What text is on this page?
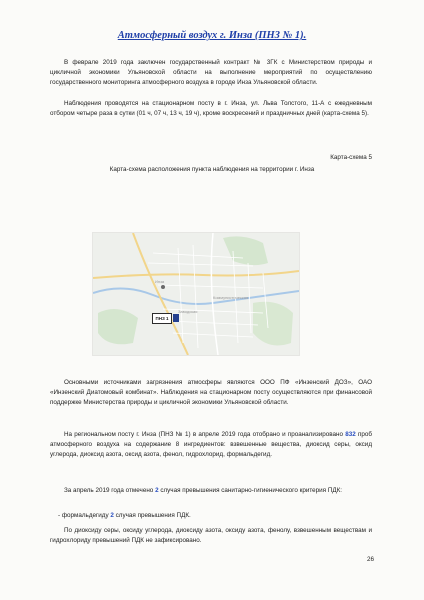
Атмосферный воздух г. Инза (ПНЗ № 1).
В феврале 2019 года заключен государственный контракт № 3ГК с Министерством природы и цикличной экономики Ульяновской области на выполнение мероприятий по осуществлению государственного мониторинга атмосферного воздуха в городе Инза Ульяновской области.
Наблюдения проводятся на стационарном посту в г. Инза, ул. Льва Толстого, 11-А с ежедневным отбором четыре раза в сутки (01 ч, 07 ч, 13 ч, 19 ч), кроме воскресений и праздничных дней (карта-схема 5).
Карта-схема 5
Карта-схема расположения пункта наблюдения на территории г. Инза
Инза
Коммунистическая
Заводская
ПНЗ 1
Основными источниками загрязнения атмосферы являются ООО ПФ «Инзенский ДОЗ», ОАО «Инзенский Диатомовый комбинат». Наблюдения на стационарном посту осуществляются при финансовой поддержке Министерства природы и цикличной экономики Ульяновской области.
На региональном посту г. Инза (ПНЗ № 1) в апреле 2019 года отобрано и проанализировано 832 проб атмосферного воздуха на содержание 8 ингредиентов: взвешенные вещества, диоксид серы, оксид углерода, диоксид азота, оксид азота, фенол, гидрохлорид, формальдегид.
За апрель 2019 года отмечено 2 случая превышения санитарно-гигиенического критерия ПДК:
- формальдегиду 2 случая превышения ПДК.
По диоксиду серы, оксиду углерода, диоксиду азота, оксиду азота, фенолу, взвешенным веществам и гидрохлориду превышений ПДК не зафиксировано.
26
